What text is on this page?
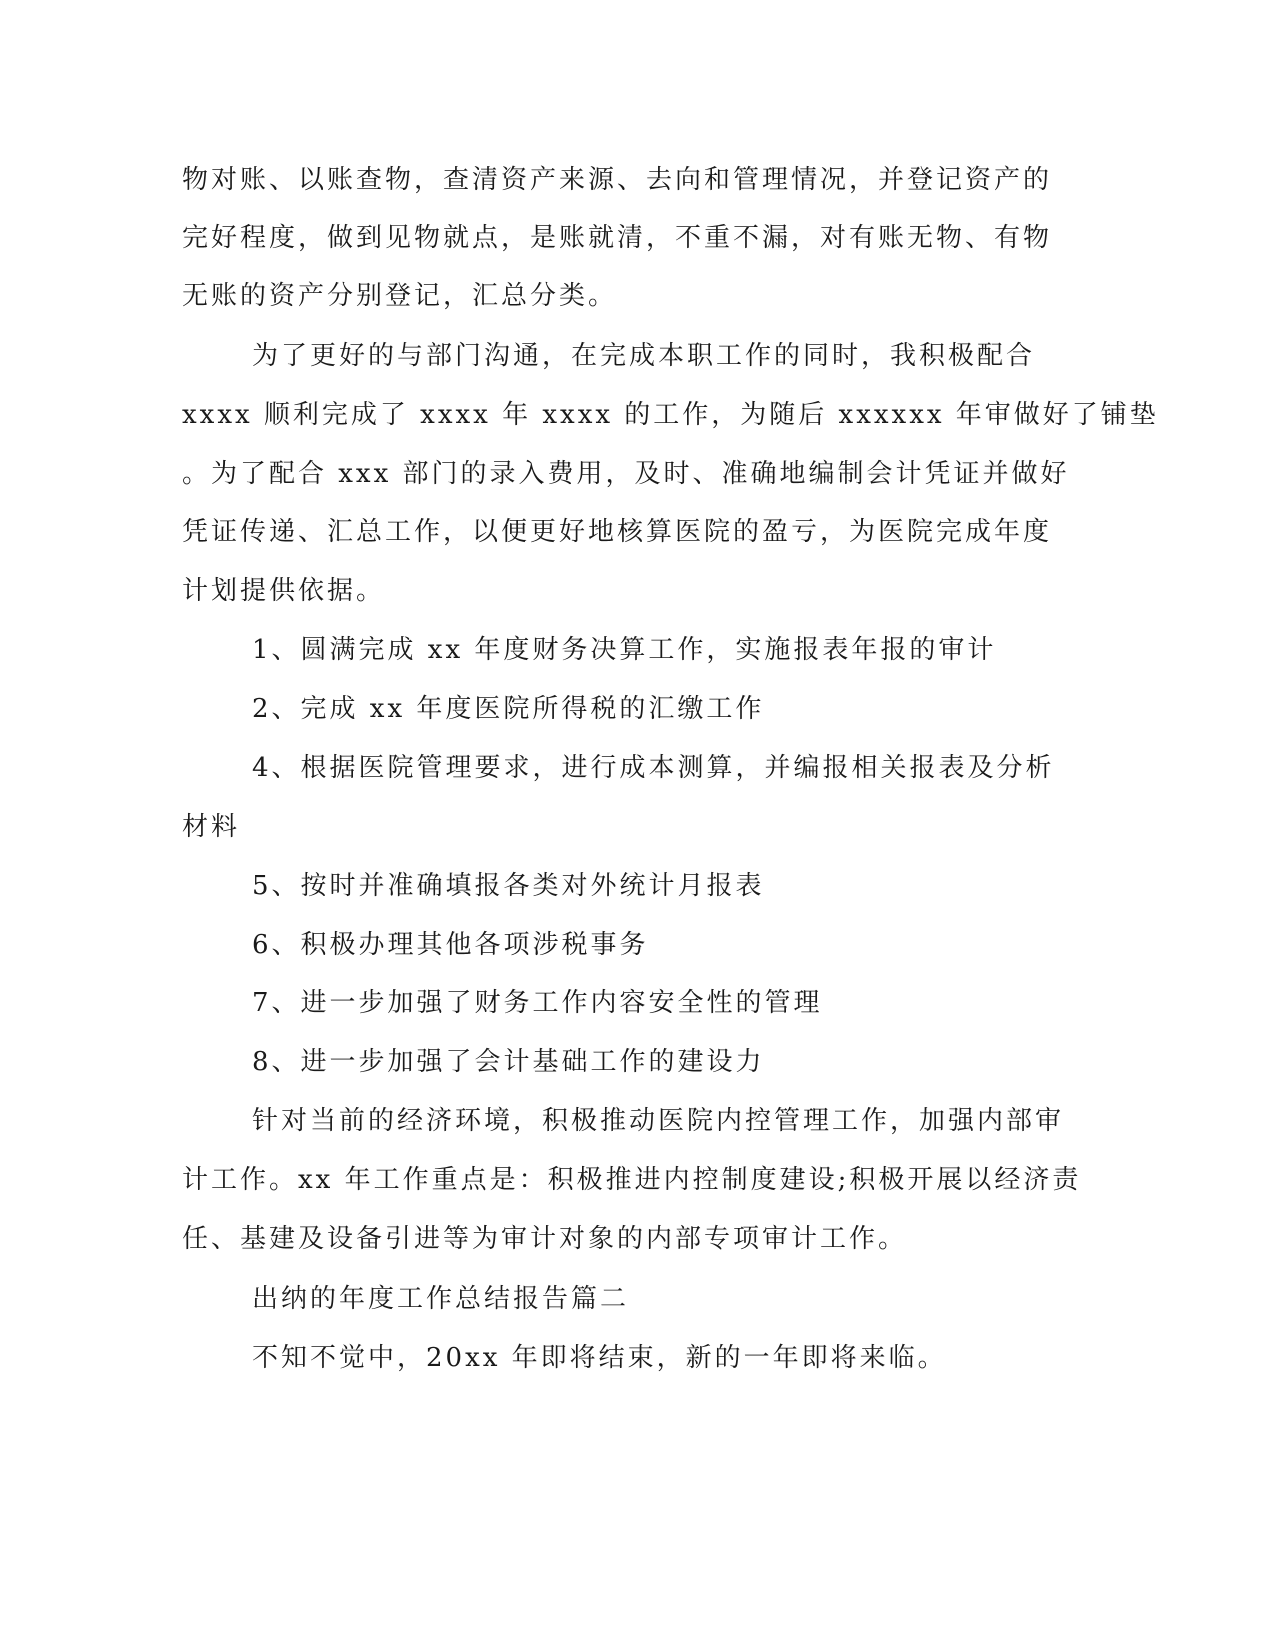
物对账、以账查物，查清资产来源、去向和管理情况，并登记资产的
完好程度，做到见物就点，是账就清，不重不漏，对有账无物、有物
无账的资产分别登记，汇总分类。
为了更好的与部门沟通，在完成本职工作的同时，我积极配合
xxxx 顺利完成了 xxxx 年 xxxx 的工作，为随后 xxxxxx 年审做好了铺垫
。为了配合 xxx 部门的录入费用，及时、准确地编制会计凭证并做好
凭证传递、汇总工作，以便更好地核算医院的盈亏，为医院完成年度
计划提供依据。
1、圆满完成 xx 年度财务决算工作，实施报表年报的审计
2、完成 xx 年度医院所得税的汇缴工作
4、根据医院管理要求，进行成本测算，并编报相关报表及分析
材料
5、按时并准确填报各类对外统计月报表
6、积极办理其他各项涉税事务
7、进一步加强了财务工作内容安全性的管理
8、进一步加强了会计基础工作的建设力
针对当前的经济环境，积极推动医院内控管理工作，加强内部审
计工作。xx 年工作重点是：积极推进内控制度建设;积极开展以经济责
任、基建及设备引进等为审计对象的内部专项审计工作。
出纳的年度工作总结报告篇二
不知不觉中，20xx 年即将结束，新的一年即将来临。
